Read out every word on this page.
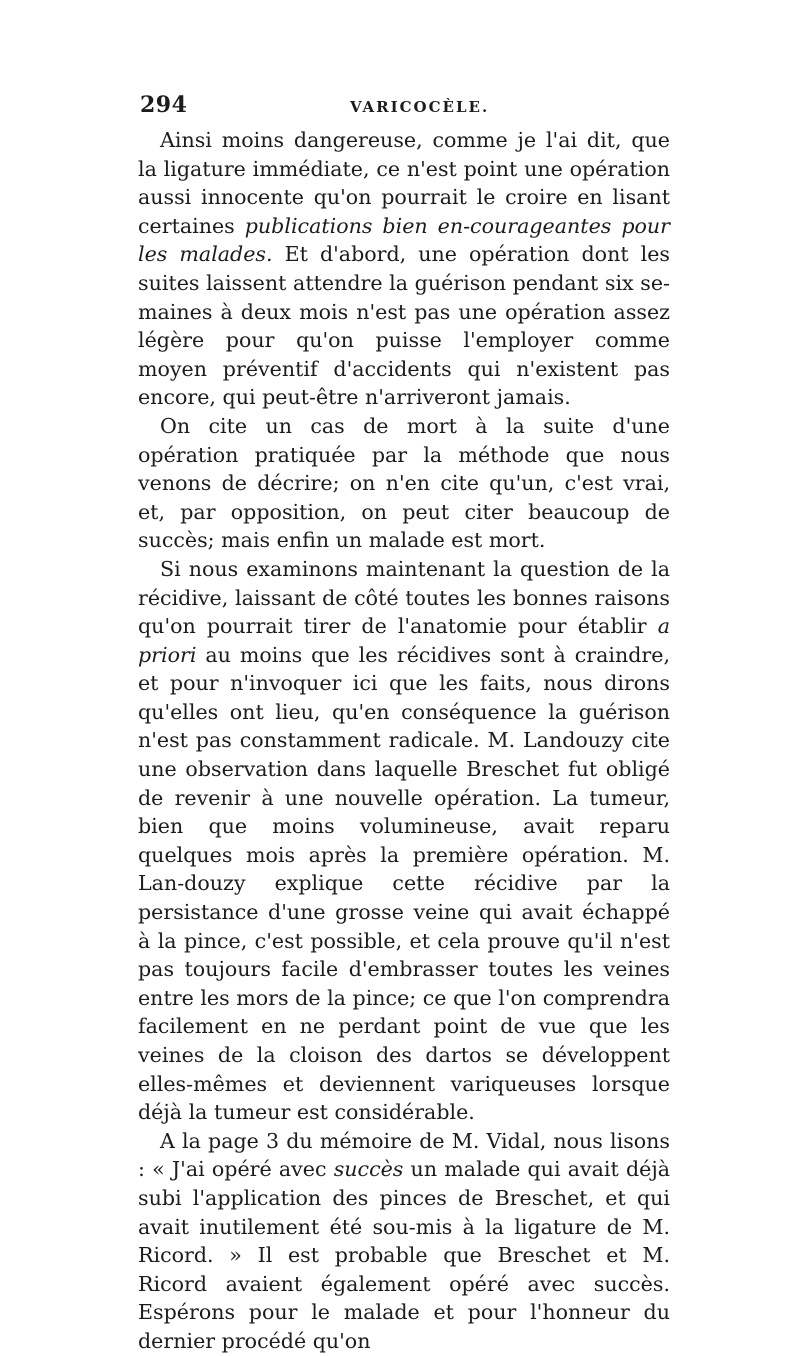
294	VARICOCÈLE.

Ainsi moins dangereuse, comme je l'ai dit, que la ligature immédiate, ce n'est point une opération aussi innocente qu'on pourrait le croire en lisant certaines publications bien en-courageantes pour les malades. Et d'abord, une opération dont les suites laissent attendre la guérison pendant six se-maines à deux mois n'est pas une opération assez légère pour qu'on puisse l'employer comme moyen préventif d'accidents qui n'existent pas encore, qui peut-être n'arriveront jamais.

On cite un cas de mort à la suite d'une opération pratiquée par la méthode que nous venons de décrire; on n'en cite qu'un, c'est vrai, et, par opposition, on peut citer beaucoup de succès; mais enfin un malade est mort.

Si nous examinons maintenant la question de la récidive, laissant de côté toutes les bonnes raisons qu'on pourrait tirer de l'anatomie pour établir a priori au moins que les récidives sont à craindre, et pour n'invoquer ici que les faits, nous dirons qu'elles ont lieu, qu'en conséquence la guérison n'est pas constamment radicale. M. Landouzy cite une observation dans laquelle Breschet fut obligé de revenir à une nouvelle opération. La tumeur, bien que moins volumineuse, avait reparu quelques mois après la première opération. M. Lan-douzy explique cette récidive par la persistance d'une grosse veine qui avait échappé à la pince, c'est possible, et cela prouve qu'il n'est pas toujours facile d'embrasser toutes les veines entre les mors de la pince; ce que l'on comprendra facilement en ne perdant point de vue que les veines de la cloison des dartos se développent elles-mêmes et deviennent variqueuses lorsque déjà la tumeur est considérable.

A la page 3 du mémoire de M. Vidal, nous lisons : « J'ai opéré avec succès un malade qui avait déjà subi l'application des pinces de Breschet, et qui avait inutilement été sou-mis à la ligature de M. Ricord. » Il est probable que Breschet et M. Ricord avaient également opéré avec succès. Espérons pour le malade et pour l'honneur du dernier procédé qu'on
